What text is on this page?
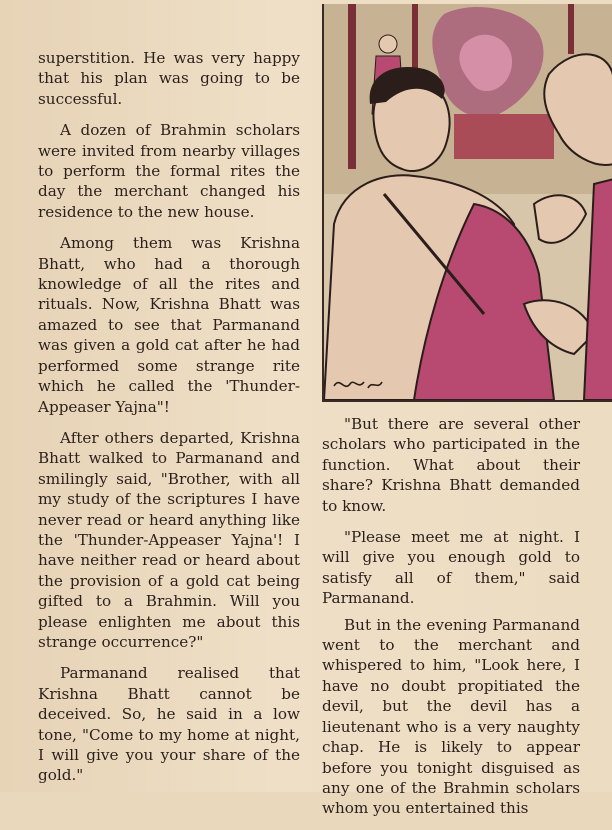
superstition. He was very happy that his plan was going to be successful.

A dozen of Brahmin scholars were invited from nearby villages to perform the formal rites the day the merchant changed his residence to the new house.

Among them was Krishna Bhatt, who had a thorough knowledge of all the rites and rituals. Now, Krishna Bhatt was amazed to see that Parmanand was given a gold cat after he had performed some strange rite which he called the 'Thunder-Appeaser Yajna"!

After others departed, Krishna Bhatt walked to Parmanand and smilingly said, "Brother, with all my study of the scriptures I have never read or heard anything like the 'Thunder-Appeaser Yajna'! I have neither read or heard about the provision of a gold cat being gifted to a Brahmin. Will you please enlighten me about this strange occurrence?"

Parmanand realised that Krishna Bhatt cannot be deceived. So, he said in a low tone, "Come to my home at night, I will give you your share of the gold."

"But there are several other scholars who participated in the function. What about their share? Krishna Bhatt demanded to know.

"Please meet me at night. I will give you enough gold to satisfy all of them," said Parmanand.

But in the evening Parmanand went to the merchant and whispered to him, "Look here, I have no doubt propitiated the devil, but the devil has a lieutenant who is a very naughty chap. He is likely to appear before you tonight disguised as any one of the Brahmin scholars whom you entertained this
